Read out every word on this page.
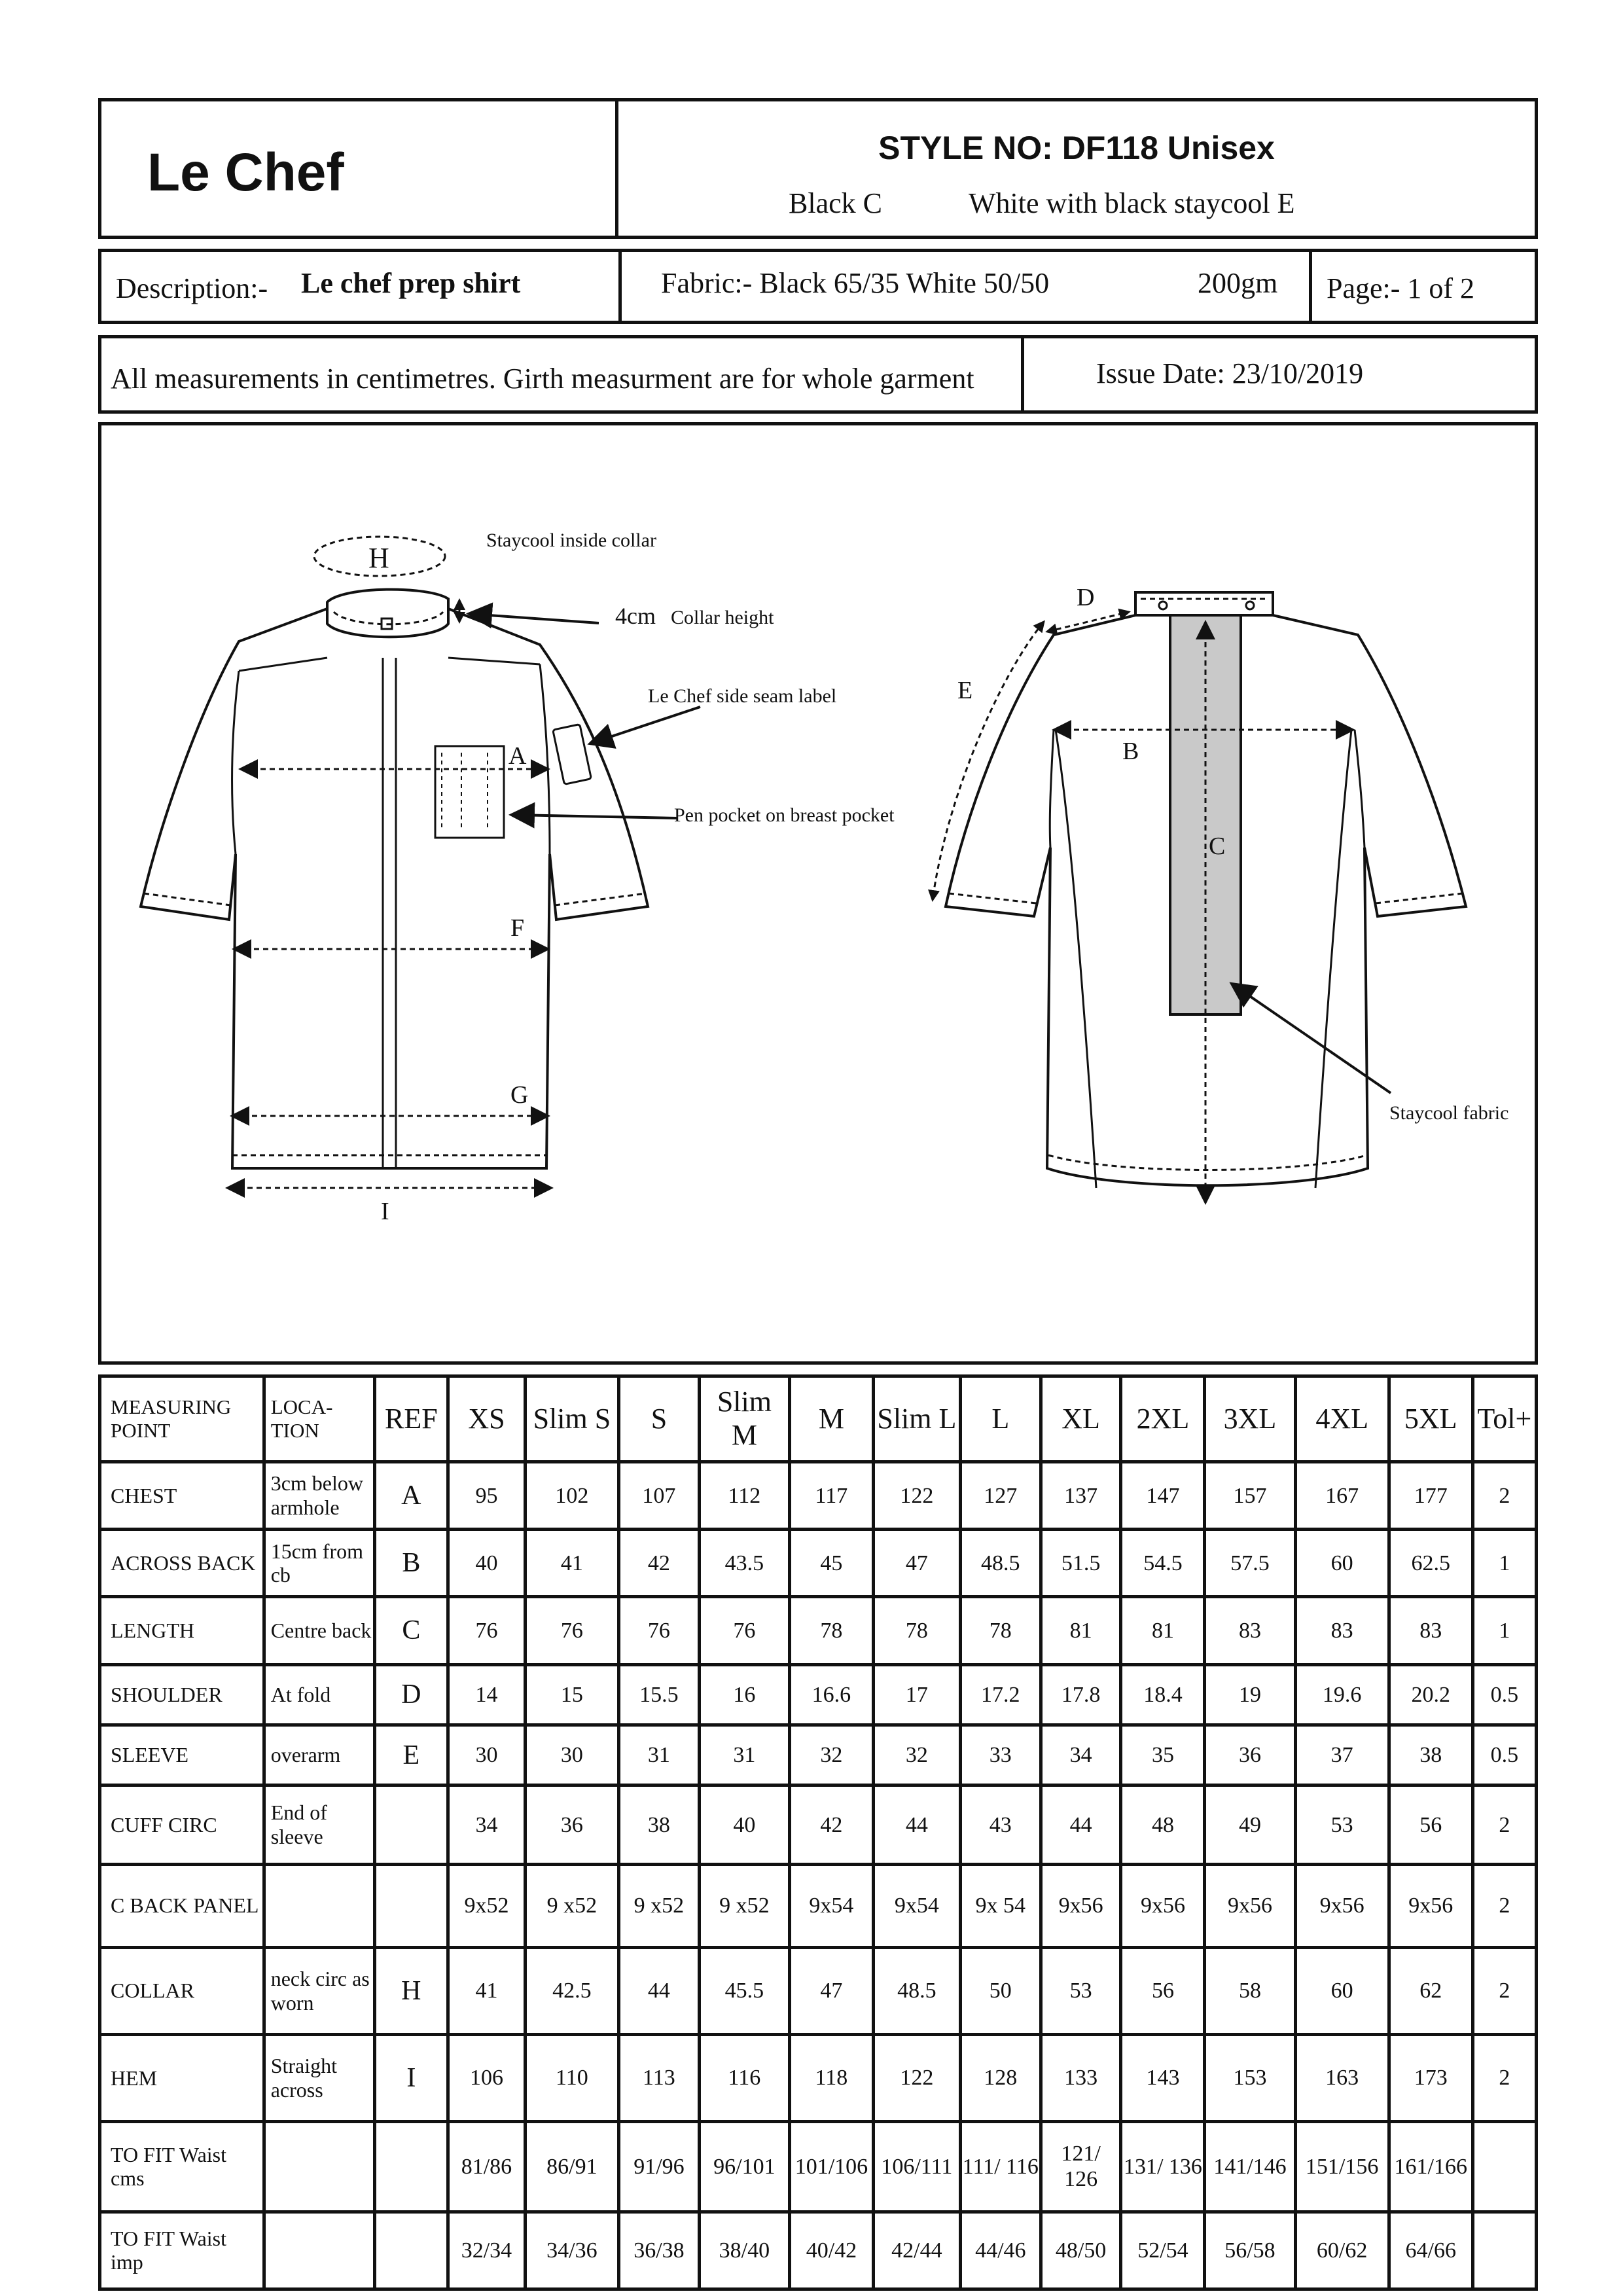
Le Chef	STYLE NO: DF118 Unisex
Black C	White with black staycool E
Description:- Le chef prep shirt	Fabric:- Black 65/35 White 50/50	200gm Page:- 1 of 2
All measurements in centimetres. Girth measurment are for whole garment	Issue Date: 23/10/2019
H
Staycool inside collar
4cm Collar height
Le Chef side seam label
A
Pen pocket on breast pocket
F
G
I
D
E
B
C
Staycool fabric
MEASURING POINT	LOCA-TION	REF	XS	Slim S	S	Slim M	M	Slim L	L	XL	2XL	3XL	4XL	5XL	Tol+
CHEST	3cm below armhole	A	95	102	107	112	117	122	127	137	147	157	167	177	2
ACROSS BACK	15cm from cb	B	40	41	42	43.5	45	47	48.5	51.5	54.5	57.5	60	62.5	1
LENGTH	Centre back	C	76	76	76	76	78	78	78	81	81	83	83	83	1
SHOULDER	At fold	D	14	15	15.5	16	16.6	17	17.2	17.8	18.4	19	19.6	20.2	0.5
SLEEVE	overarm	E	30	30	31	31	32	32	33	34	35	36	37	38	0.5
CUFF CIRC	End of sleeve		34	36	38	40	42	44	43	44	48	49	53	56	2
C BACK PANEL			9x52	9 x52	9 x52	9 x52	9x54	9x54	9x 54	9x56	9x56	9x56	9x56	9x56	2
COLLAR	neck circ as worn	H	41	42.5	44	45.5	47	48.5	50	53	56	58	60	62	2
HEM	Straight across	I	106	110	113	116	118	122	128	133	143	153	163	173	2
TO FIT Waist cms			81/86	86/91	91/96	96/101	101/106	106/111	111/ 116	121/ 126	131/ 136	141/146	151/156	161/166	
TO FIT Waist imp			32/34	34/36	36/38	38/40	40/42	42/44	44/46	48/50	52/54	56/58	60/62	64/66	
